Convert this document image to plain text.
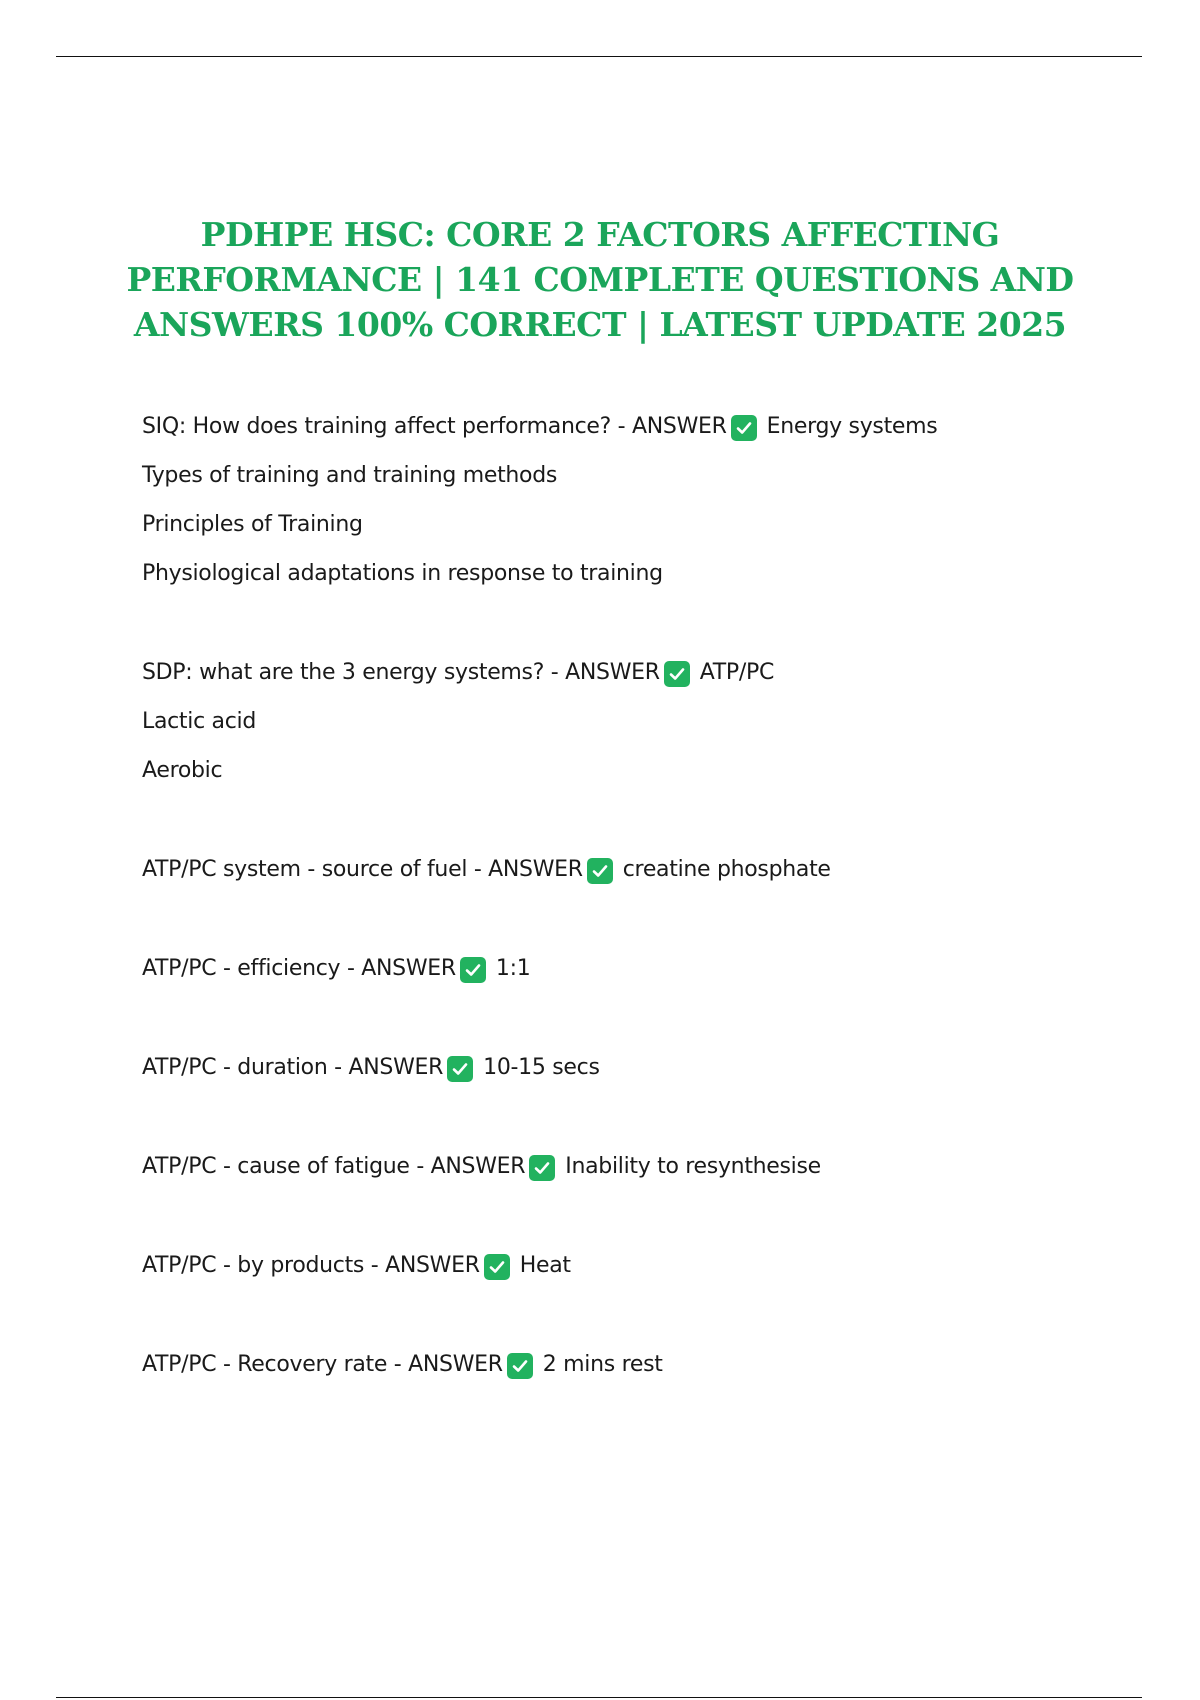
PDHPE HSC: CORE 2 FACTORS AFFECTING
PERFORMANCE | 141 COMPLETE QUESTIONS AND
ANSWERS 100% CORRECT | LATEST UPDATE 2025
SIQ: How does training affect performance? - ANSWER Energy systems
Types of training and training methods
Principles of Training
Physiological adaptations in response to training
SDP: what are the 3 energy systems? - ANSWER ATP/PC
Lactic acid
Aerobic
ATP/PC system - source of fuel - ANSWER creatine phosphate
ATP/PC - efficiency - ANSWER 1:1
ATP/PC - duration - ANSWER 10-15 secs
ATP/PC - cause of fatigue - ANSWER Inability to resynthesise
ATP/PC - by products - ANSWER Heat
ATP/PC - Recovery rate - ANSWER 2 mins rest
